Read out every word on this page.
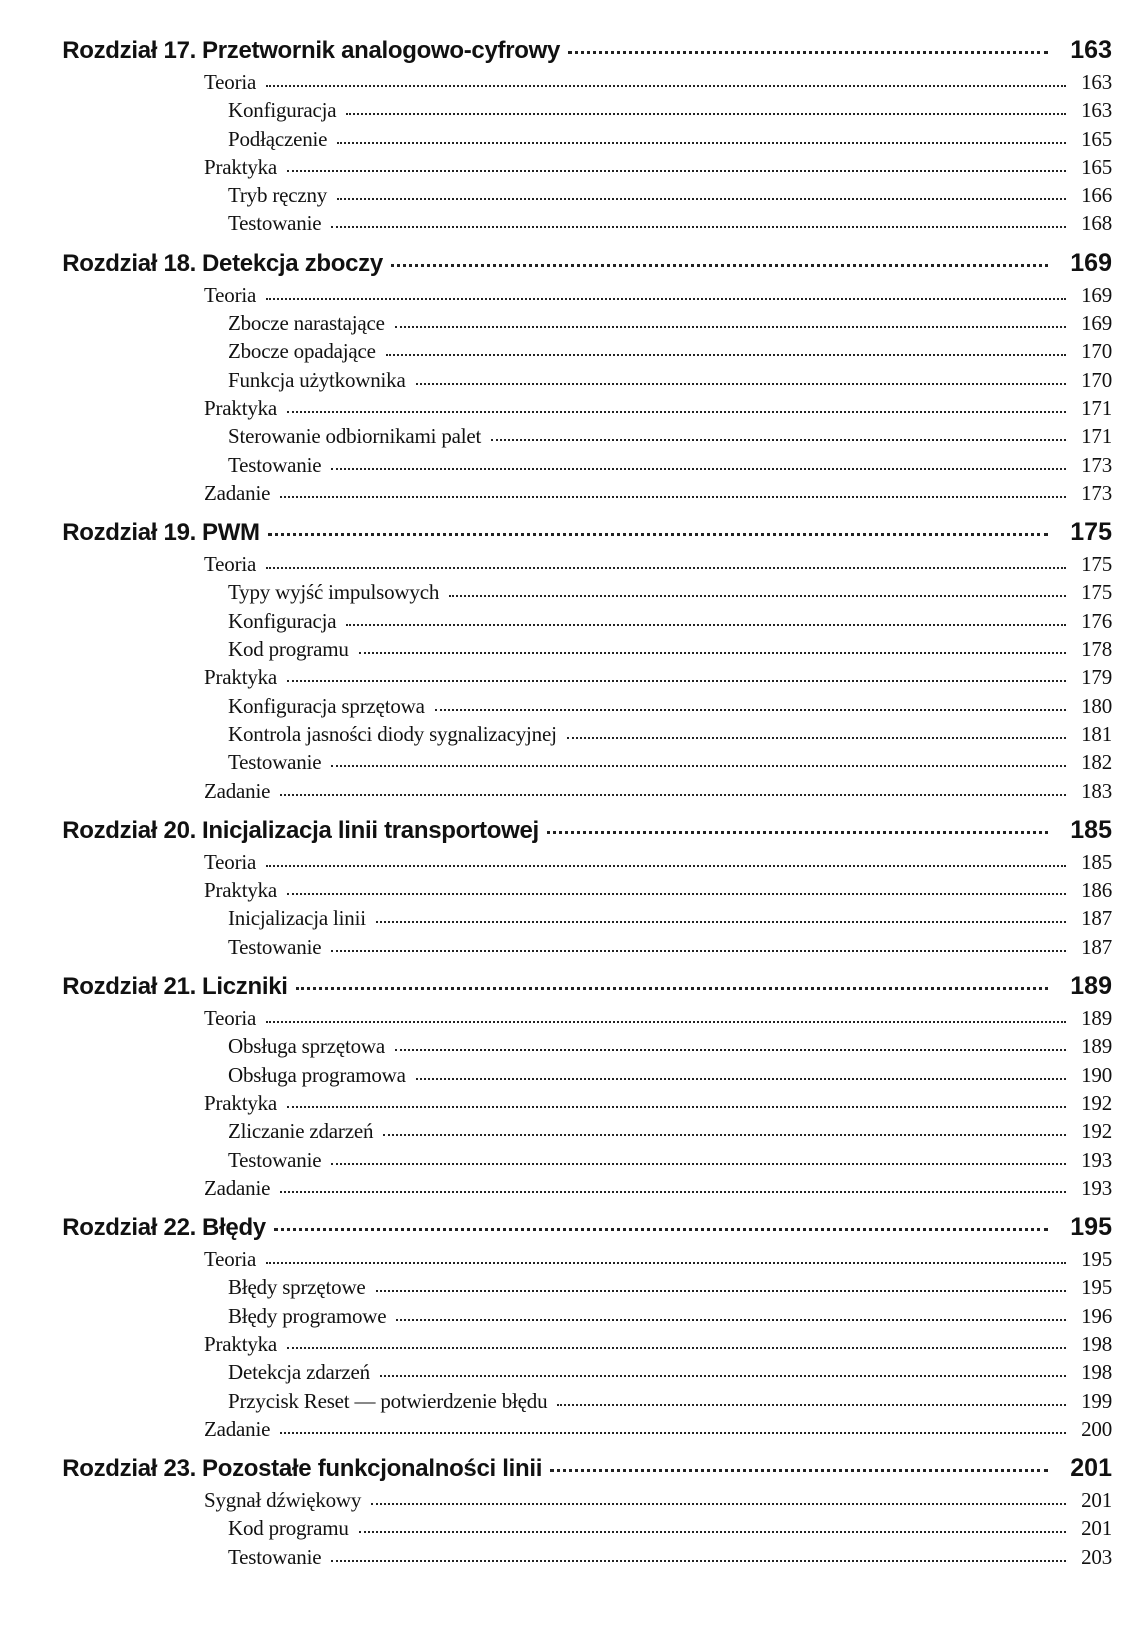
Rozdział 17. Przetwornik analogowo-cyfrowy	163
Teoria	163
Konfiguracja	163
Podłączenie	165
Praktyka	165
Tryb ręczny	166
Testowanie	168
Rozdział 18. Detekcja zboczy	169
Teoria	169
Zbocze narastające	169
Zbocze opadające	170
Funkcja użytkownika	170
Praktyka	171
Sterowanie odbiornikami palet	171
Testowanie	173
Zadanie	173
Rozdział 19. PWM	175
Teoria	175
Typy wyjść impulsowych	175
Konfiguracja	176
Kod programu	178
Praktyka	179
Konfiguracja sprzętowa	180
Kontrola jasności diody sygnalizacyjnej	181
Testowanie	182
Zadanie	183
Rozdział 20. Inicjalizacja linii transportowej	185
Teoria	185
Praktyka	186
Inicjalizacja linii	187
Testowanie	187
Rozdział 21. Liczniki	189
Teoria	189
Obsługa sprzętowa	189
Obsługa programowa	190
Praktyka	192
Zliczanie zdarzeń	192
Testowanie	193
Zadanie	193
Rozdział 22. Błędy	195
Teoria	195
Błędy sprzętowe	195
Błędy programowe	196
Praktyka	198
Detekcja zdarzeń	198
Przycisk Reset — potwierdzenie błędu	199
Zadanie	200
Rozdział 23. Pozostałe funkcjonalności linii	201
Sygnał dźwiękowy	201
Kod programu	201
Testowanie	203
